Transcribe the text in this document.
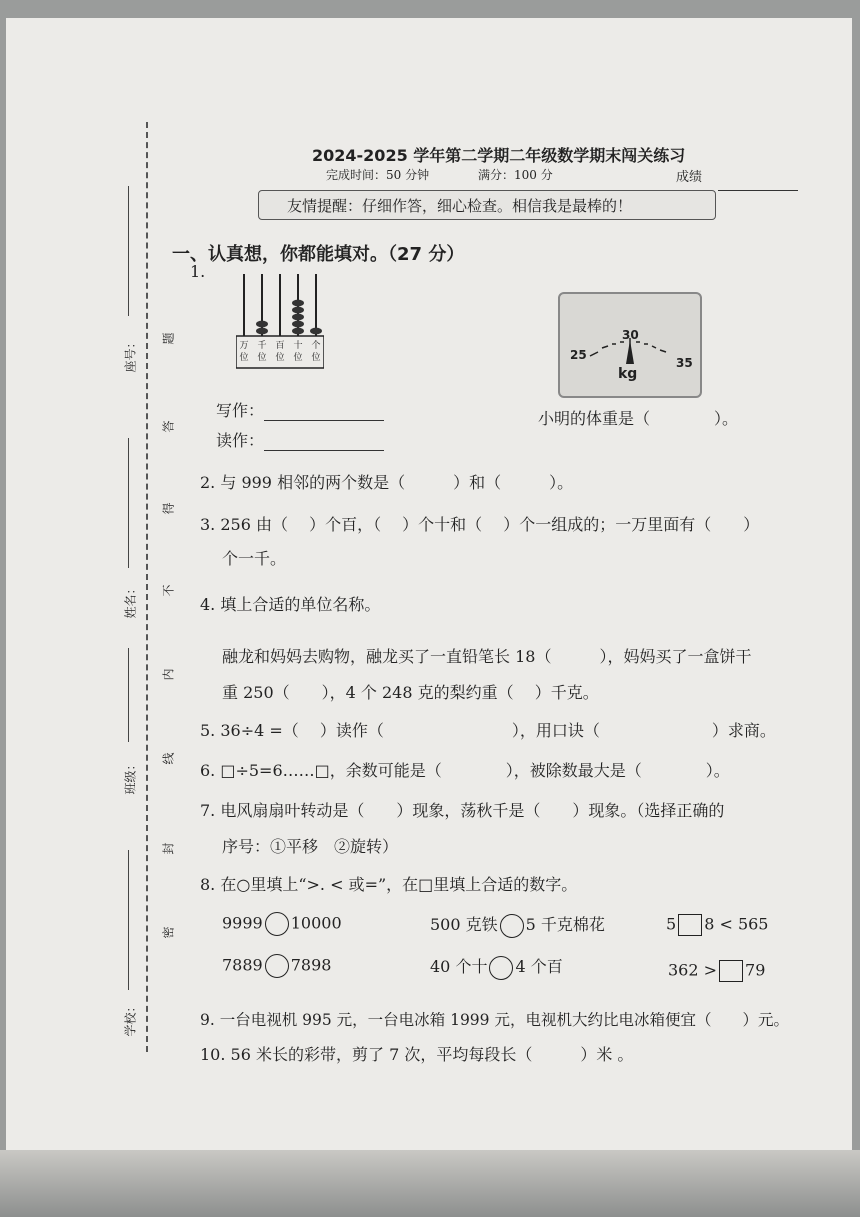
座号：
姓名：
班级：
学校：
题
答
得
不
内
线
封
密
2024-2025 学年第二学期二年级数学期末闯关练习
完成时间：50 分钟	满分：100 分	成绩
友情提醒：仔细作答，细心检查。相信我是最棒的！
一、认真想，你都能填对。（27 分）
1.
万
位
千
位
百
位
十
位
个
位
30
25
35
kg
写作：
读作：
小明的体重是（　　　　）。
2. 与 999 相邻的两个数是（　　　）和（　　　）。
3. 256 由（　 ）个百，（　 ）个十和（　 ）个一组成的；一万里面有（　　）
个一千。
4. 填上合适的单位名称。
融龙和妈妈去购物，融龙买了一直铅笔长 18（　　　），妈妈买了一盒饼干
重 250（　　），4 个 248 克的梨约重（　 ）千克。
5. 36÷4 =（　 ）读作（　　　　　　　　），用口诀（　　　　　　　）求商。
6. □÷5=6……□，余数可能是（　　　　），被除数最大是（　　　　）。
7. 电风扇扇叶转动是（　　）现象，荡秋千是（　　）现象。（选择正确的
序号：①平移　②旋转）
8. 在○里填上“>. < 或=”，在□里填上合适的数字。
9999 10000	500 克铁 5 千克棉花	5 8 < 565
7889 7898	40 个十 4 个百	362 > 79
9. 一台电视机 995 元，一台电冰箱 1999 元，电视机大约比电冰箱便宜（　　）元。
10. 56 米长的彩带，剪了 7 次，平均每段长（　　　）米 。
